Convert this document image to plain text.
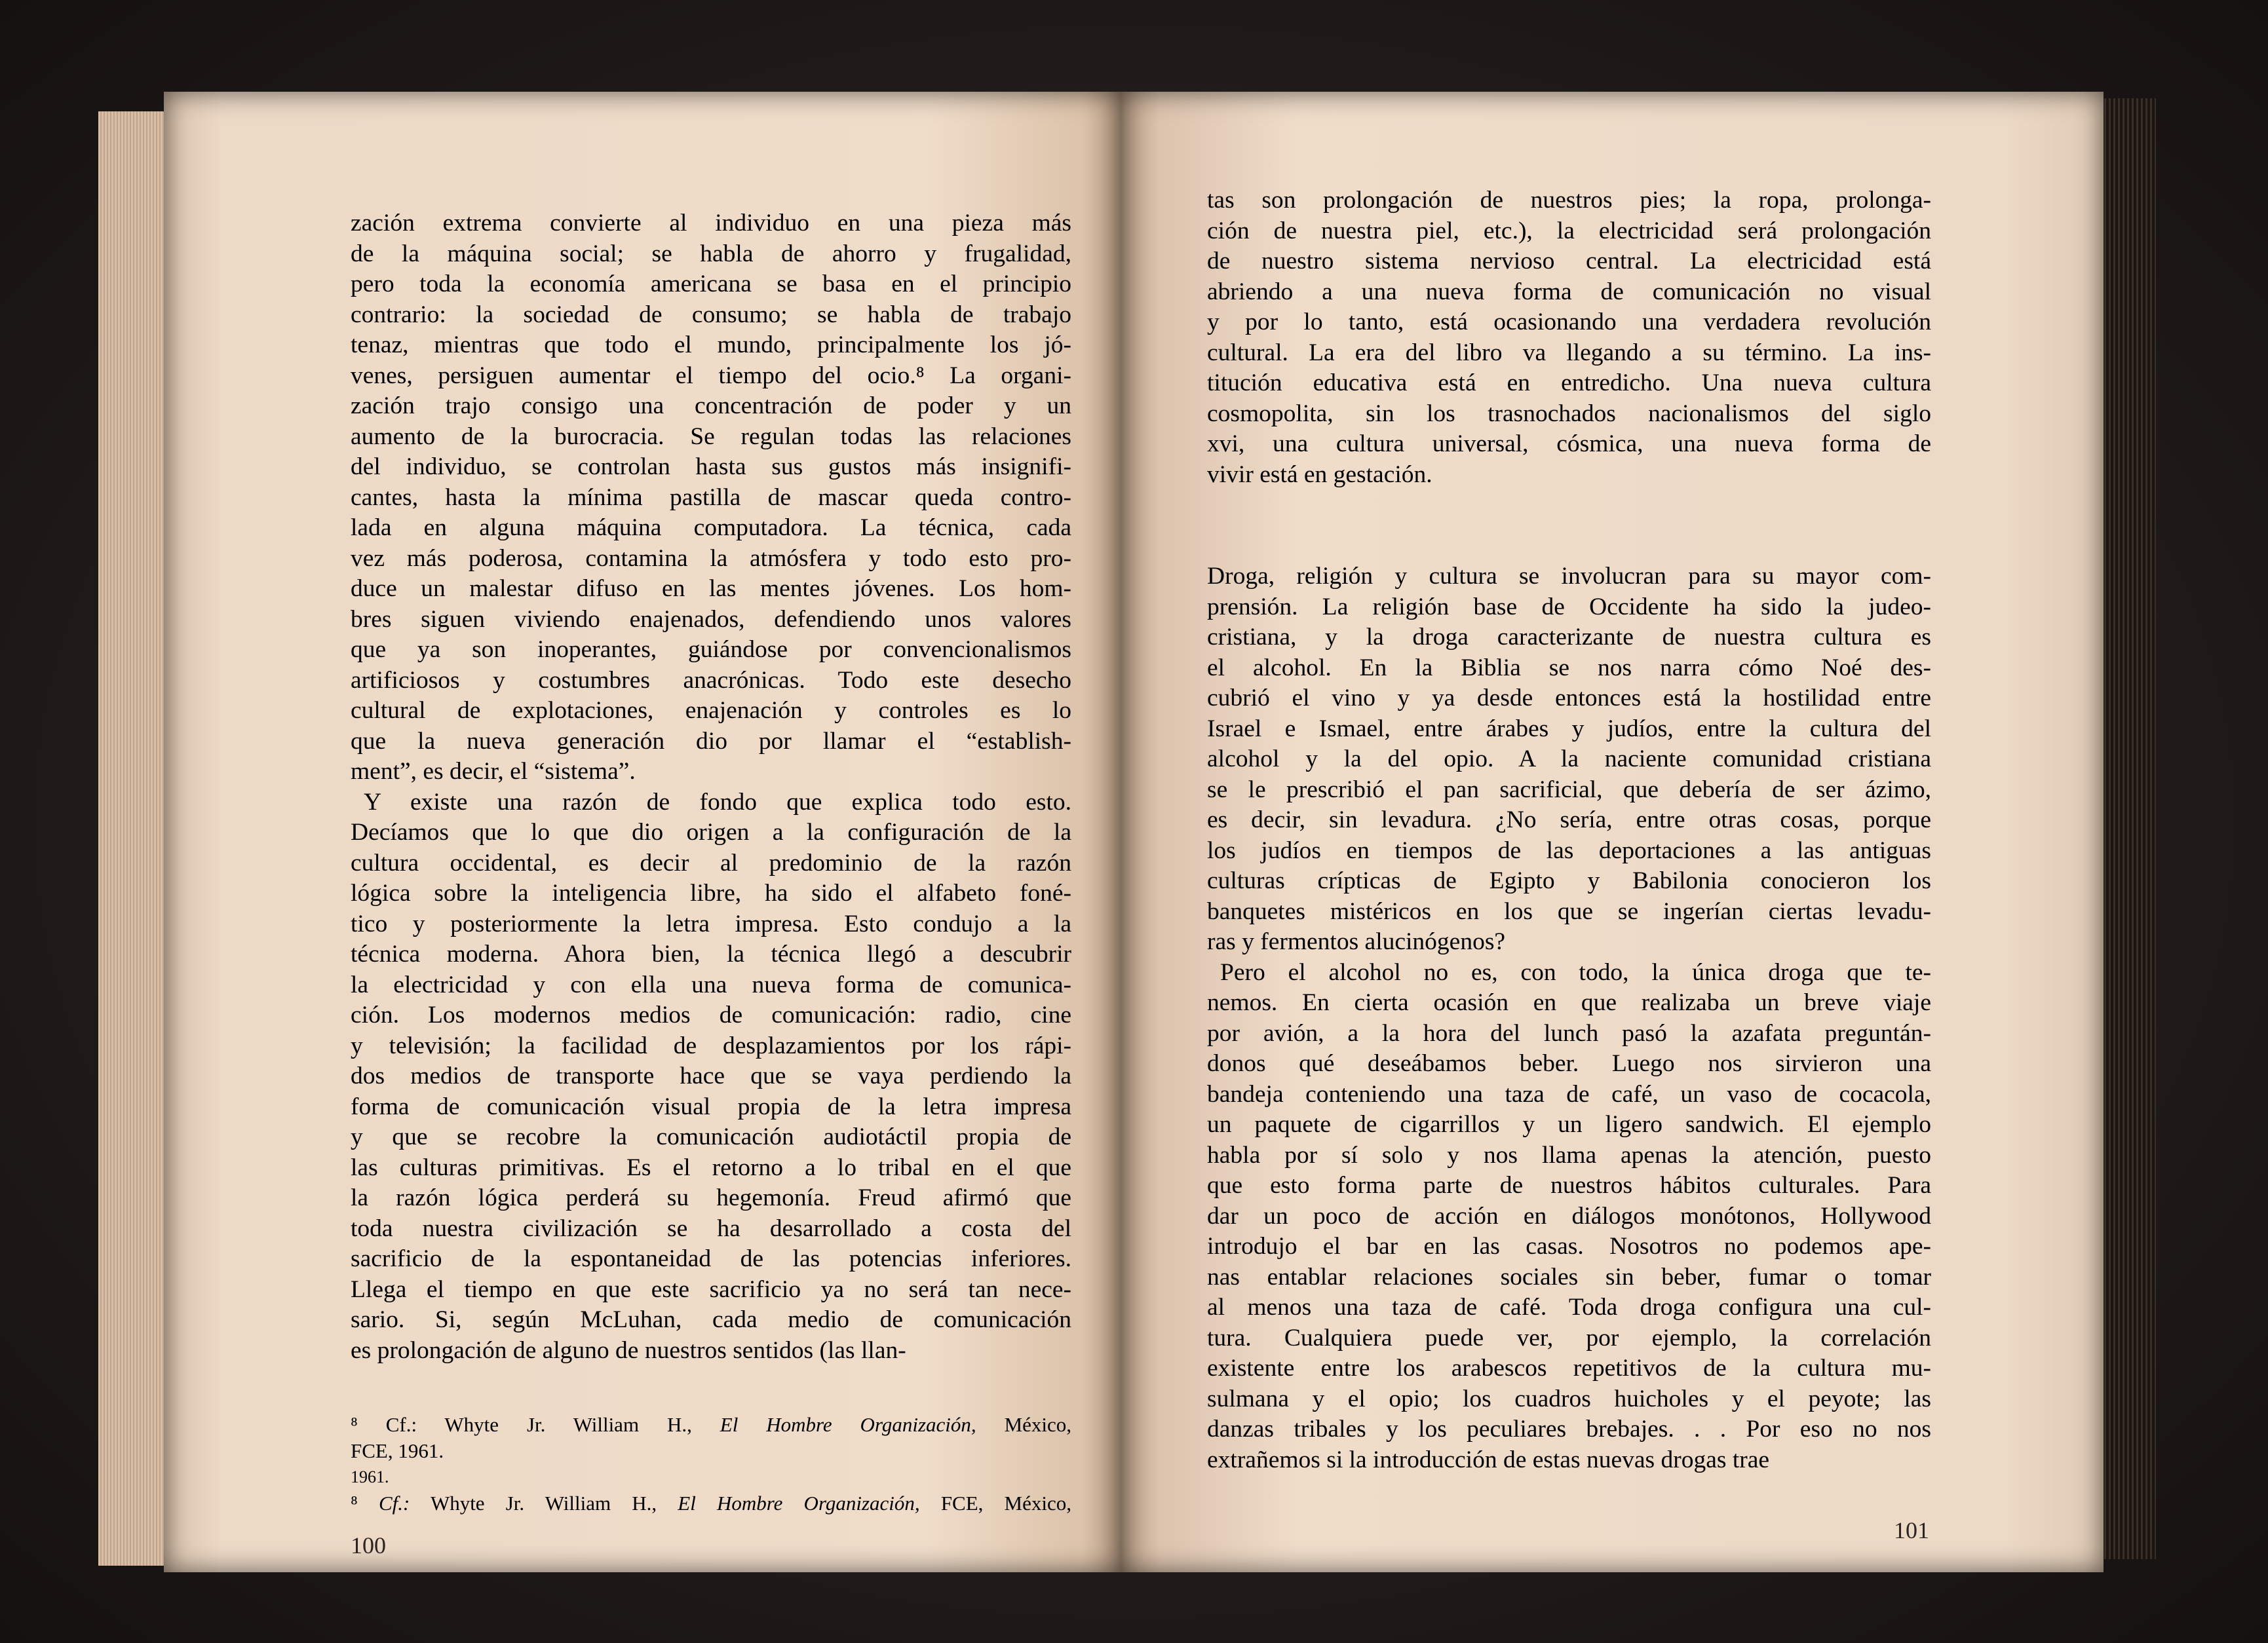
zación extrema convierte al individuo en una pieza más
de la máquina social; se habla de ahorro y frugalidad,
pero toda la economía americana se basa en el principio
contrario: la sociedad de consumo; se habla de trabajo
tenaz, mientras que todo el mundo, principalmente los jó-
venes, persiguen aumentar el tiempo del ocio.⁸ La organi-
zación trajo consigo una concentración de poder y un
aumento de la burocracia. Se regulan todas las relaciones
del individuo, se controlan hasta sus gustos más insignifi-
cantes, hasta la mínima pastilla de mascar queda contro-
lada en alguna máquina computadora. La técnica, cada
vez más poderosa, contamina la atmósfera y todo esto pro-
duce un malestar difuso en las mentes jóvenes. Los hom-
bres siguen viviendo enajenados, defendiendo unos valores
que ya son inoperantes, guiándose por convencionalismos
artificiosos y costumbres anacrónicas. Todo este desecho
cultural de explotaciones, enajenación y controles es lo
que la nueva generación dio por llamar el “establish-
ment”, es decir, el “sistema”.
Y existe una razón de fondo que explica todo esto.
Decíamos que lo que dio origen a la configuración de la
cultura occidental, es decir al predominio de la razón
lógica sobre la inteligencia libre, ha sido el alfabeto foné-
tico y posteriormente la letra impresa. Esto condujo a la
técnica moderna. Ahora bien, la técnica llegó a descubrir
la electricidad y con ella una nueva forma de comunica-
ción. Los modernos medios de comunicación: radio, cine
y televisión; la facilidad de desplazamientos por los rápi-
dos medios de transporte hace que se vaya perdiendo la
forma de comunicación visual propia de la letra impresa
y que se recobre la comunicación audiotáctil propia de
las culturas primitivas. Es el retorno a lo tribal en el que
la razón lógica perderá su hegemonía. Freud afirmó que
toda nuestra civilización se ha desarrollado a costa del
sacrificio de la espontaneidad de las potencias inferiores.
Llega el tiempo en que este sacrificio ya no será tan nece-
sario. Si, según McLuhan, cada medio de comunicación
es prolongación de alguno de nuestros sentidos (las llan-
⁸ Cf.: Whyte Jr. William H., El Hombre Organización, México,
FCE, 1961.
1961.
⁸ Cf.: Whyte Jr. William H., El Hombre Organización, FCE, México,
100
tas son prolongación de nuestros pies; la ropa, prolonga-
ción de nuestra piel, etc.), la electricidad será prolongación
de nuestro sistema nervioso central. La electricidad está
abriendo a una nueva forma de comunicación no visual
y por lo tanto, está ocasionando una verdadera revolución
cultural. La era del libro va llegando a su término. La ins-
titución educativa está en entredicho. Una nueva cultura
cosmopolita, sin los trasnochados nacionalismos del siglo
xvi, una cultura universal, cósmica, una nueva forma de
vivir está en gestación.
Droga, religión y cultura se involucran para su mayor com-
prensión. La religión base de Occidente ha sido la judeo-
cristiana, y la droga caracterizante de nuestra cultura es
el alcohol. En la Biblia se nos narra cómo Noé des-
cubrió el vino y ya desde entonces está la hostilidad entre
Israel e Ismael, entre árabes y judíos, entre la cultura del
alcohol y la del opio. A la naciente comunidad cristiana
se le prescribió el pan sacrificial, que debería de ser ázimo,
es decir, sin levadura. ¿No sería, entre otras cosas, porque
los judíos en tiempos de las deportaciones a las antiguas
culturas crípticas de Egipto y Babilonia conocieron los
banquetes mistéricos en los que se ingerían ciertas levadu-
ras y fermentos alucinógenos?
Pero el alcohol no es, con todo, la única droga que te-
nemos. En cierta ocasión en que realizaba un breve viaje
por avión, a la hora del lunch pasó la azafata preguntán-
donos qué deseábamos beber. Luego nos sirvieron una
bandeja conteniendo una taza de café, un vaso de cocacola,
un paquete de cigarrillos y un ligero sandwich. El ejemplo
habla por sí solo y nos llama apenas la atención, puesto
que esto forma parte de nuestros hábitos culturales. Para
dar un poco de acción en diálogos monótonos, Hollywood
introdujo el bar en las casas. Nosotros no podemos ape-
nas entablar relaciones sociales sin beber, fumar o tomar
al menos una taza de café. Toda droga configura una cul-
tura. Cualquiera puede ver, por ejemplo, la correlación
existente entre los arabescos repetitivos de la cultura mu-
sulmana y el opio; los cuadros huicholes y el peyote; las
danzas tribales y los peculiares brebajes. . . Por eso no nos
extrañemos si la introducción de estas nuevas drogas trae
101
